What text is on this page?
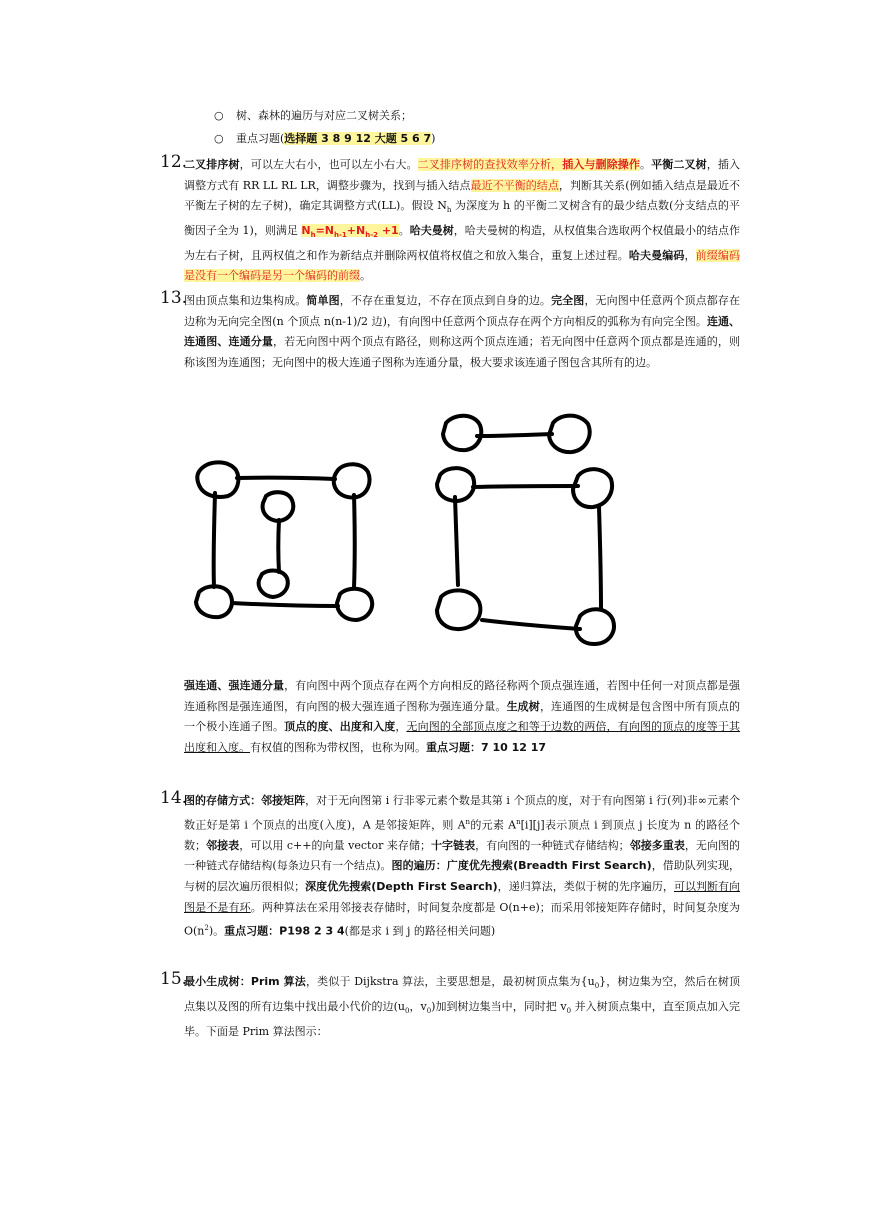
○ 树、森林的遍历与对应二叉树关系；
○ 重点习题(选择题 3 8 9 12 大题 5 6 7)
12.
二叉排序树，可以左大右小，也可以左小右大。二叉排序树的查找效率分析，插入与删除操作。平衡二叉树，插入调整方式有 RR LL RL LR，调整步骤为，找到与插入结点最近不平衡的结点，判断其关系(例如插入结点是最近不平衡左子树的左子树)，确定其调整方式(LL)。假设 $N_h$ 为深度为 h 的平衡二叉树含有的最少结点数(分支结点的平衡因子全为 1)，则满足 $N_h=N_{h-1}+N_{h-2} +1$。哈夫曼树，哈夫曼树的构造，从权值集合选取两个权值最小的结点作为左右子树，且两权值之和作为新结点并删除两权值将权值之和放入集合，重复上述过程。哈夫曼编码，前缀编码是没有一个编码是另一个编码的前缀。
13.
图由顶点集和边集构成。简单图，不存在重复边，不存在顶点到自身的边。完全图，无向图中任意两个顶点都存在边称为无向完全图(n 个顶点 n(n-1)/2 边)，有向图中任意两个顶点存在两个方向相反的弧称为有向完全图。连通、连通图、连通分量，若无向图中两个顶点有路径，则称这两个顶点连通；若无向图中任意两个顶点都是连通的，则称该图为连通图；无向图中的极大连通子图称为连通分量，极大要求该连通子图包含其所有的边。
强连通、强连通分量，有向图中两个顶点存在两个方向相反的路径称两个顶点强连通，若图中任何一对顶点都是强连通称图是强连通图，有向图的极大强连通子图称为强连通分量。生成树，连通图的生成树是包含图中所有顶点的一个极小连通子图。顶点的度、出度和入度，无向图的全部顶点度之和等于边数的两倍，有向图的顶点的度等于其出度和入度。有权值的图称为带权图，也称为网。重点习题：7 10 12 17
14.
图的存储方式：邻接矩阵，对于无向图第 i 行非零元素个数是其第 i 个顶点的度，对于有向图第 i 行(列)非∞元素个数正好是第 i 个顶点的出度(入度)，A 是邻接矩阵，则 $A^n$的元素 $A^n[i][j]$表示顶点 i 到顶点 j 长度为 n 的路径个数；邻接表，可以用 c++的向量 vector 来存储；十字链表，有向图的一种链式存储结构；邻接多重表，无向图的一种链式存储结构(每条边只有一个结点)。图的遍历：广度优先搜索(Breadth First Search)，借助队列实现，与树的层次遍历很相似；深度优先搜索(Depth First Search)，递归算法，类似于树的先序遍历，可以判断有向图是不是有环。两种算法在采用邻接表存储时，时间复杂度都是 O(n+e)；而采用邻接矩阵存储时，时间复杂度为 $O(n^2)$。重点习题：P198 2 3 4(都是求 i 到 j 的路径相关问题)
15.
最小生成树：Prim 算法，类似于 Dijkstra 算法，主要思想是，最初树顶点集为$\{u_0\}$，树边集为空，然后在树顶点集以及图的所有边集中找出最小代价的边($u_0$，$v_0$)加到树边集当中，同时把 $v_0$ 并入树顶点集中，直至顶点加入完毕。下面是 Prim 算法图示：
